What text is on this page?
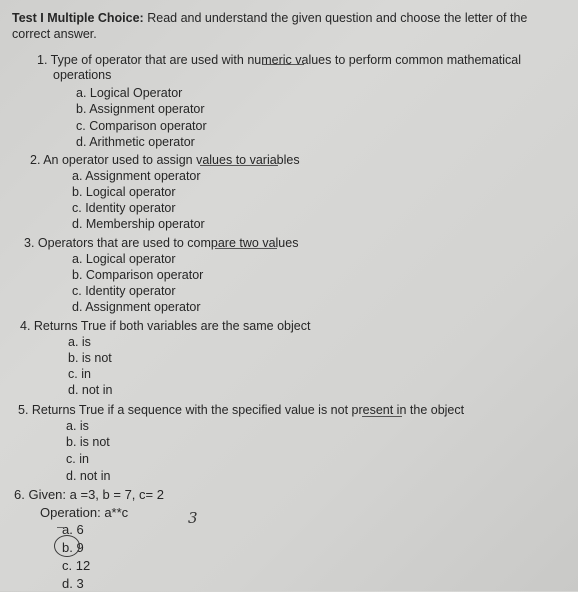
Test I Multiple Choice: Read and understand the given question and choose the letter of the
correct answer.
1. Type of operator that are used with numeric values to perform common mathematical
operations
a. Logical Operator
b. Assignment operator
c. Comparison operator
d. Arithmetic operator
2. An operator used to assign values to variables
a. Assignment operator
b. Logical operator
c. Identity operator
d. Membership operator
3. Operators that are used to compare two values
a. Logical operator
b. Comparison operator
c. Identity operator
d. Assignment operator
4. Returns True if both variables are the same object
a. is
b. is not
c. in
d. not in
5. Returns True if a sequence with the specified value is not present in the object
a. is
b. is not
c. in
d. not in
6. Given: a =3, b = 7, c= 2
Operation: a**c
a. 6
b. 9
c. 12
d. 3
3
